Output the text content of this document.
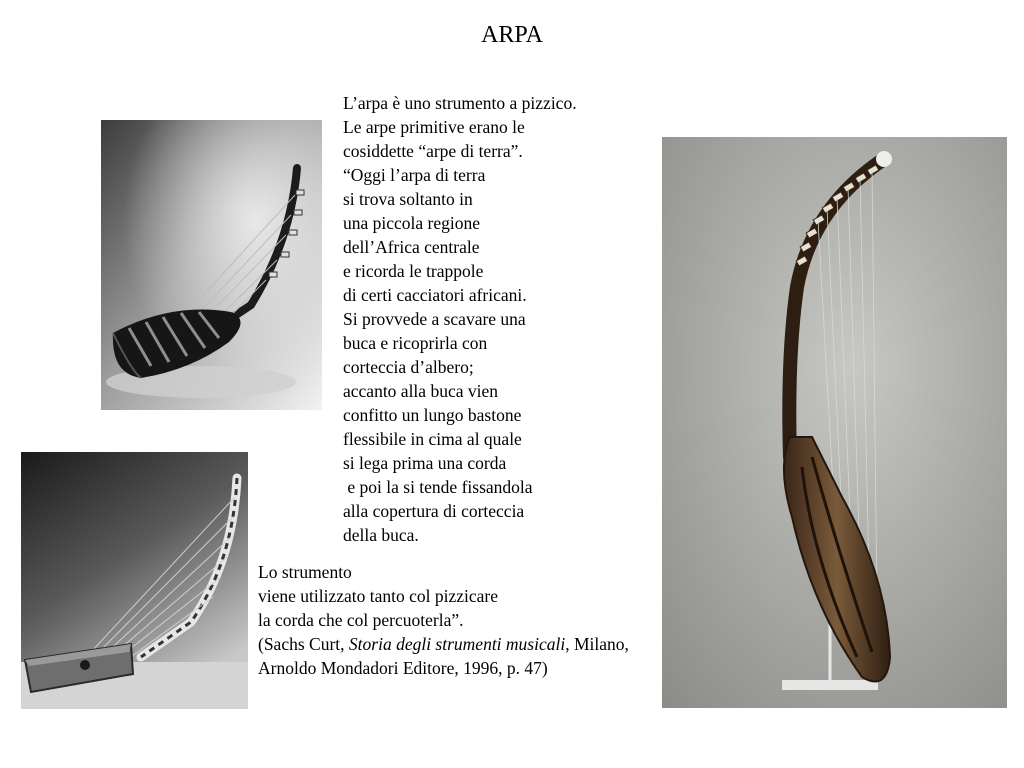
ARPA
L’arpa è uno strumento a pizzico.
Le arpe primitive erano le
cosiddette “arpe di terra”.
“Oggi l’arpa di terra
si trova soltanto in
una piccola regione
dell’Africa centrale
e ricorda le trappole
di certi cacciatori africani.
Si provvede a scavare una
buca e ricoprirla con
corteccia d’albero;
accanto alla buca vien
confitto un lungo bastone
flessibile in cima al quale
si lega prima una corda
e poi la si tende fissandola
alla copertura di corteccia
della buca.
Lo strumento
viene utilizzato tanto col pizzicare
la corda che col percuoterla”.
(Sachs Curt, Storia degli strumenti musicali, Milano,
Arnoldo Mondadori Editore, 1996, p. 47)
